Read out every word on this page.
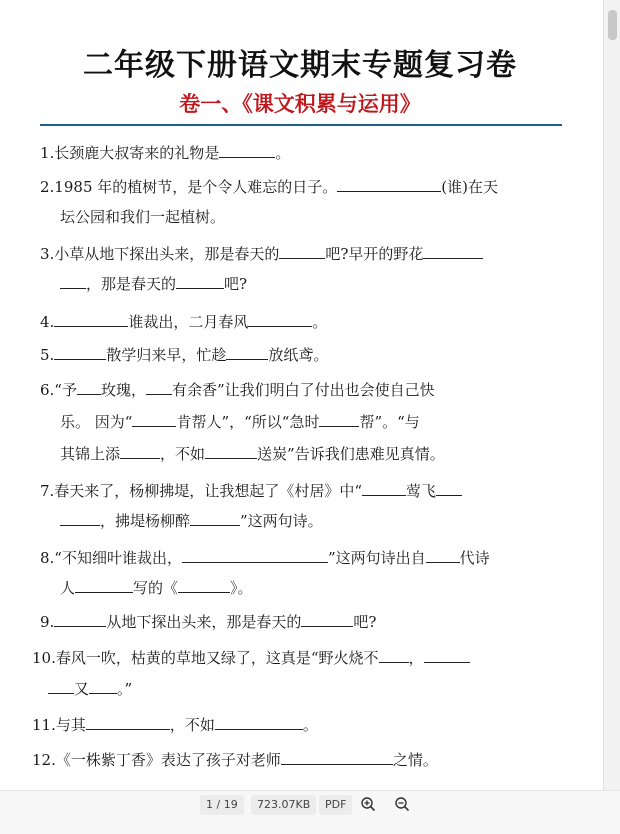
二年级下册语文期末专题复习卷
卷一、《课文积累与运用》
1.长颈鹿大叔寄来的礼物是	。
2.1985 年的植树节，是个令人难忘的日子。	(谁)在天
坛公园和我们一起植树。
3.小草从地下探出头来，那是春天的	吧?早开的野花
，那是春天的	吧?
4.	谁裁出，二月春风	。
5.	散学归来早，忙趁	放纸鸢。
6.“予 玫瑰， 有余香”让我们明白了付出也会使自己快
乐。 因为“	肯帮人”，“所以“急时	帮”。“与
其锦上添	，不如	送炭”告诉我们患难见真情。
7.春天来了，杨柳拂堤，让我想起了《村居》中“	莺飞
，拂堤杨柳醉	”这两句诗。
8.“不知细叶谁裁出，	”这两句诗出自 代诗
人	写的《	》。
9.	从地下探出头来，那是春天的	吧?
10.春风一吹，枯黄的草地又绿了，这真是“野火烧不 ，
又 。”
11.与其	，不如	。
12.《一株紫丁香》表达了孩子对老师	之情。
1 / 19	723.07KB	PDF
